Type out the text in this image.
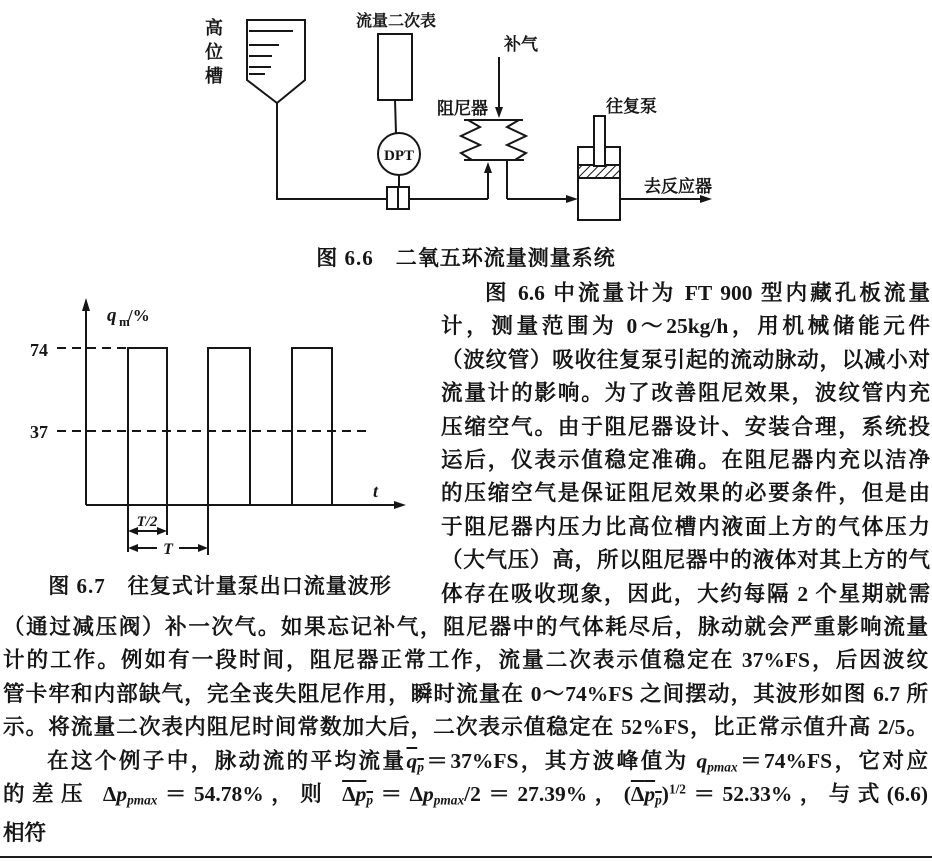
流量二次表
DPT
补气
阻尼器	往复泵
去反应器
高位槽
图 6.6　二氧五环流量测量系统
74
37
q m
/%
t
T/2
T
图 6.7　往复式计量泵出口流量波形
图 6.6 中流量计为 FT 900 型内藏孔板流量
计，测量范围为 0～25kg/h，用机械储能元件
（波纹管）吸收往复泵引起的流动脉动，以减小对
流量计的影响。为了改善阻尼效果，波纹管内充
压缩空气。由于阻尼器设计、安装合理，系统投
运后，仪表示值稳定准确。在阻尼器内充以洁净
的压缩空气是保证阻尼效果的必要条件，但是由
于阻尼器内压力比高位槽内液面上方的气体压力
（大气压）高，所以阻尼器中的液体对其上方的气
体存在吸收现象，因此，大约每隔 2 个星期就需
（通过减压阀）补一次气。如果忘记补气，阻尼器中的气体耗尽后，脉动就会严重影响流量
计的工作。例如有一段时间，阻尼器正常工作，流量二次表示值稳定在 37%FS，后因波纹
管卡牢和内部缺气，完全丧失阻尼作用，瞬时流量在 0～74%FS 之间摆动，其波形如图 6.7 所
示。将流量二次表内阻尼时间常数加大后，二次表示值稳定在 52%FS，比正常示值升高 2/5。
在这个例子中，脉动流的平均流量qp＝37%FS，其方波峰值为 qpmax＝74%FS，它对应
的差压 Δppmax＝54.78%，则 Δpp＝Δppmax/2＝27.39%，$(\Delta pp)^{1/2}=52.33\%$，与式(6.6)
相符
